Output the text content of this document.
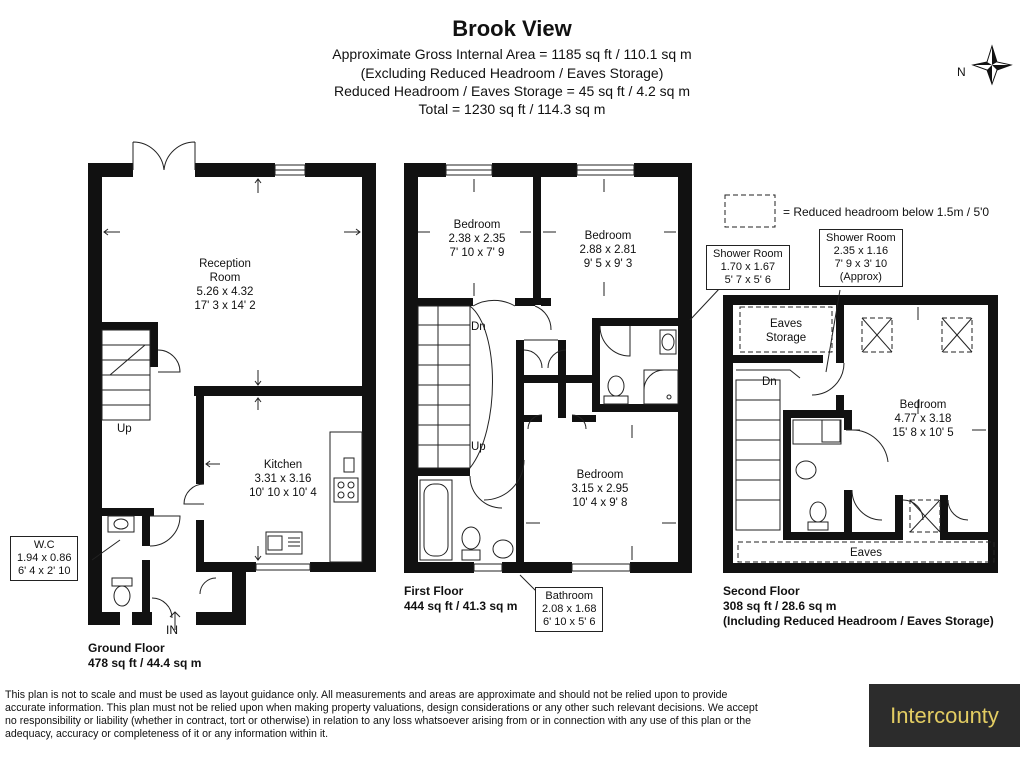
Brook View
Approximate Gross Internal Area = 1185 sq ft / 110.1 sq m
(Excluding Reduced Headroom / Eaves Storage)
Reduced Headroom / Eaves Storage = 45 sq ft / 4.2 sq m
Total = 1230 sq ft / 114.3 sq m
N
= Reduced headroom below 1.5m / 5'0
Reception
Room
5.26 x 4.32
17' 3 x 14' 2
Kitchen
3.31 x 3.16
10' 10 x 10' 4
W.C
1.94 x 0.86
6' 4 x 2' 10
Up
IN
Ground Floor
478 sq ft / 44.4 sq m
Bedroom
2.38 x 2.35
7' 10 x 7' 9
Bedroom
2.88 x 2.81
9' 5 x 9' 3
Bedroom
3.15 x 2.95
10' 4 x 9' 8
Shower Room
1.70 x 1.67
5' 7 x 5' 6
Bathroom
2.08 x 1.68
6' 10 x 5' 6
Dn
Up
First Floor
444 sq ft / 41.3 sq m
Bedroom
4.77 x 3.18
15' 8 x 10' 5
Shower Room
2.35 x 1.16
7' 9 x 3' 10
(Approx)
Eaves
Storage
Eaves
Dn
Second Floor
308 sq ft / 28.6 sq m
(Including Reduced Headroom / Eaves Storage)
This plan is not to scale and must be used as layout guidance only. All measurements and areas are approximate and should not be relied upon to provide accurate information. This plan must not be relied upon when making property valuations, design considerations or any other such relevant decisions. We accept no responsibility or liability (whether in contract, tort or otherwise) in relation to any loss whatsoever arising from or in connection with any use of this plan or the adequacy, accuracy or completeness of it or any information within it.
Intercounty
